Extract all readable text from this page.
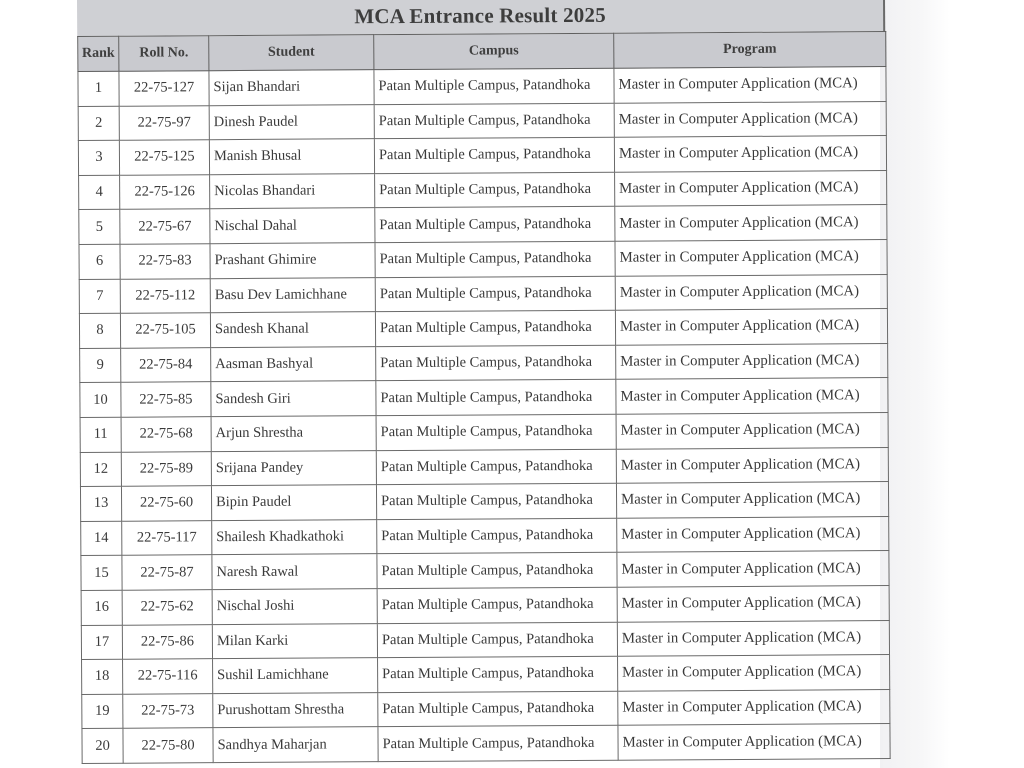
MCA Entrance Result 2025
Rank	Roll No.	Student	Campus	Program
1	22-75-127	Sijan Bhandari	Patan Multiple Campus, Patandhoka	Master in Computer Application (MCA)
2	22-75-97	Dinesh Paudel	Patan Multiple Campus, Patandhoka	Master in Computer Application (MCA)
3	22-75-125	Manish Bhusal	Patan Multiple Campus, Patandhoka	Master in Computer Application (MCA)
4	22-75-126	Nicolas Bhandari	Patan Multiple Campus, Patandhoka	Master in Computer Application (MCA)
5	22-75-67	Nischal Dahal	Patan Multiple Campus, Patandhoka	Master in Computer Application (MCA)
6	22-75-83	Prashant Ghimire	Patan Multiple Campus, Patandhoka	Master in Computer Application (MCA)
7	22-75-112	Basu Dev Lamichhane	Patan Multiple Campus, Patandhoka	Master in Computer Application (MCA)
8	22-75-105	Sandesh Khanal	Patan Multiple Campus, Patandhoka	Master in Computer Application (MCA)
9	22-75-84	Aasman Bashyal	Patan Multiple Campus, Patandhoka	Master in Computer Application (MCA)
10	22-75-85	Sandesh Giri	Patan Multiple Campus, Patandhoka	Master in Computer Application (MCA)
11	22-75-68	Arjun Shrestha	Patan Multiple Campus, Patandhoka	Master in Computer Application (MCA)
12	22-75-89	Srijana Pandey	Patan Multiple Campus, Patandhoka	Master in Computer Application (MCA)
13	22-75-60	Bipin Paudel	Patan Multiple Campus, Patandhoka	Master in Computer Application (MCA)
14	22-75-117	Shailesh Khadkathoki	Patan Multiple Campus, Patandhoka	Master in Computer Application (MCA)
15	22-75-87	Naresh Rawal	Patan Multiple Campus, Patandhoka	Master in Computer Application (MCA)
16	22-75-62	Nischal Joshi	Patan Multiple Campus, Patandhoka	Master in Computer Application (MCA)
17	22-75-86	Milan Karki	Patan Multiple Campus, Patandhoka	Master in Computer Application (MCA)
18	22-75-116	Sushil Lamichhane	Patan Multiple Campus, Patandhoka	Master in Computer Application (MCA)
19	22-75-73	Purushottam Shrestha	Patan Multiple Campus, Patandhoka	Master in Computer Application (MCA)
20	22-75-80	Sandhya Maharjan	Patan Multiple Campus, Patandhoka	Master in Computer Application (MCA)
